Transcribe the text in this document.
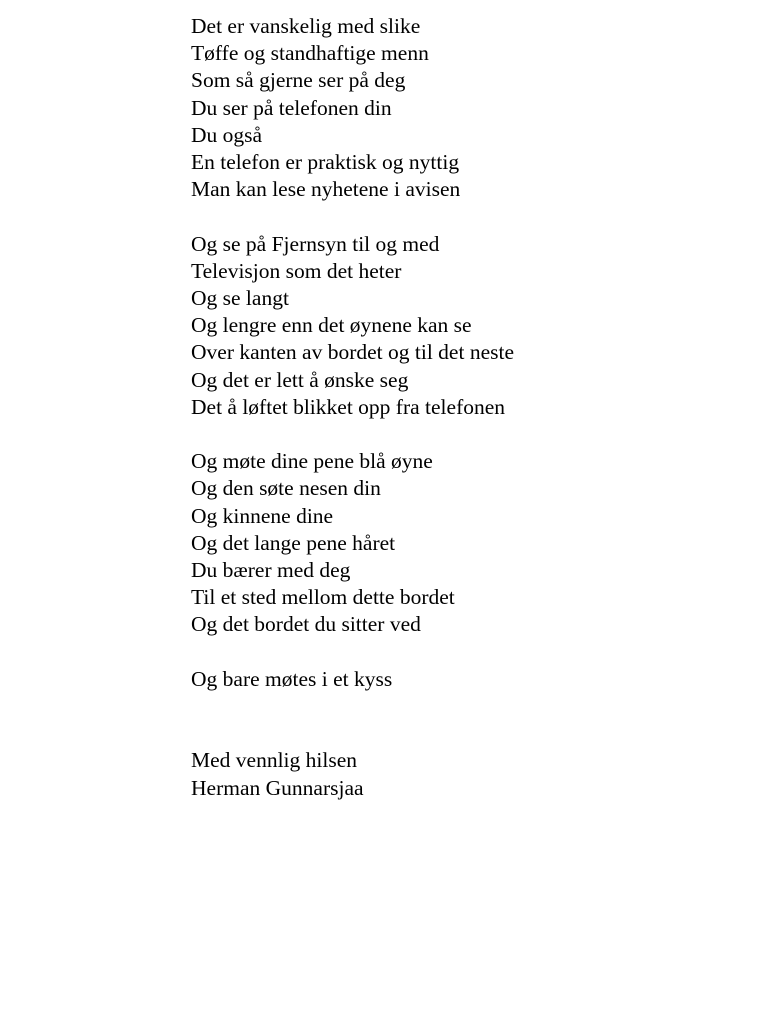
Det er vanskelig med slike
Tøffe og standhaftige menn
Som så gjerne ser på deg
Du ser på telefonen din
Du også
En telefon er praktisk og nyttig
Man kan lese nyhetene i avisen
Og se på Fjernsyn til og med
Televisjon som det heter
Og se langt
Og lengre enn det øynene kan se
Over kanten av bordet og til det neste
Og det er lett å ønske seg
Det å løftet blikket opp fra telefonen
Og møte dine pene blå øyne
Og den søte nesen din
Og kinnene dine
Og det lange pene håret
Du bærer med deg
Til et sted mellom dette bordet
Og det bordet du sitter ved
Og bare møtes i et kyss
Med vennlig hilsen
Herman Gunnarsjaa
